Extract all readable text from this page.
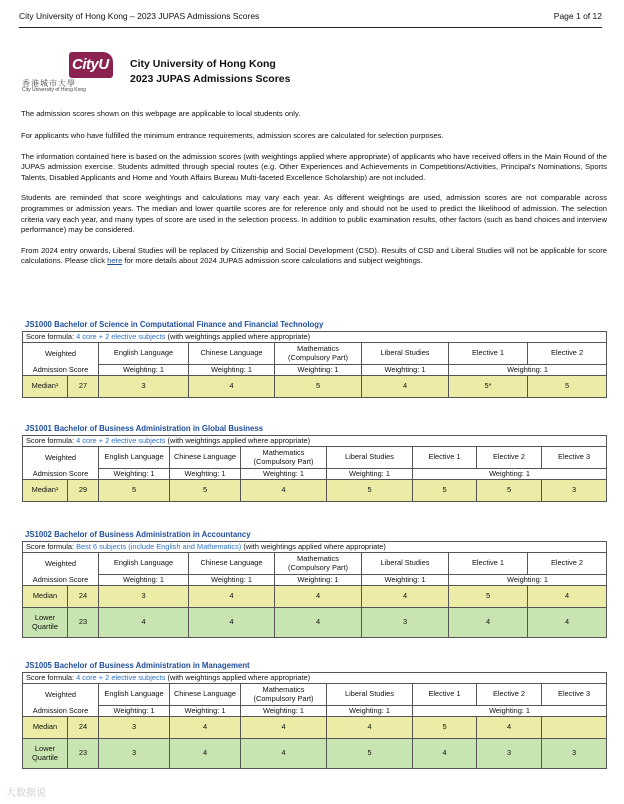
City University of Hong Kong – 2023 JUPAS Admissions Scores	Page 1 of 12
CityU
香港城市大學
City University of Hong Kong
City University of Hong Kong
2023 JUPAS Admissions Scores
The admission scores shown on this webpage are applicable to local students only.

For applicants who have fulfilled the minimum entrance requirements, admission scores are calculated for selection purposes.

The information contained here is based on the admission scores (with weightings applied where appropriate) of applicants who have received offers in the Main Round of the JUPAS admission exercise. Students admitted through special routes (e.g. Other Experiences and Achievements in Competitions/Activities, Principal's Nominations, Sports Talents, Disabled Applicants and Home and Youth Affairs Bureau Multi-faceted Excellence Scholarship) are not included.

Students are reminded that score weightings and calculations may vary each year. As different weightings are used, admission scores are not comparable across programmes or admission years. The median and lower quartile scores are for reference only and should not be used to predict the likelihood of admission. The selection criteria vary each year, and many types of score are used in the selection process. In addition to public examination results, other factors (such as band choices and interview performance) may be considered.

From 2024 entry onwards, Liberal Studies will be replaced by Citizenship and Social Development (CSD). Results of CSD and Liberal Studies will not be applicable for score calculations. Please click here for more details about 2024 JUPAS admission score calculations and subject weightings.

JS1000 Bachelor of Science in Computational Finance and Financial Technology
Score formula: 4 core + 2 elective subjects (with weightings applied where appropriate)							
Weighted		English Language	Chinese Language	Mathematics (Compulsory Part)	Liberal Studies	Elective 1	Elective 2
Admission Score		Weighting: 1	Weighting: 1	Weighting: 1	Weighting: 1	Weighting: 1	
Median¹	27	3	4	5	4	5*	5
JS1001 Bachelor of Business Administration in Global Business
Score formula: 4 core + 2 elective subjects (with weightings applied where appropriate)								
Weighted		English Language	Chinese Language	Mathematics (Compulsory Part)	Liberal Studies	Elective 1	Elective 2	Elective 3
Admission Score		Weighting: 1	Weighting: 1	Weighting: 1	Weighting: 1	Weighting: 1		
Median¹	29	5	5	4	5	5	5	3
JS1002 Bachelor of Business Administration in Accountancy
Score formula: Best 6 subjects (include English and Mathematics) (with weightings applied where appropriate)							
Weighted		English Language	Chinese Language	Mathematics (Compulsory Part)	Liberal Studies	Elective 1	Elective 2
Admission Score		Weighting: 1	Weighting: 1	Weighting: 1	Weighting: 1	Weighting: 1	
Median	24	3	4	4	4	5	4
Lower
Quartile	23	4	4	4	3	4	4
JS1005 Bachelor of Business Administration in Management
Score formula: 4 core + 2 elective subjects (with weightings applied where appropriate)								
Weighted		English Language	Chinese Language	Mathematics (Compulsory Part)	Liberal Studies	Elective 1	Elective 2	Elective 3
Admission Score		Weighting: 1	Weighting: 1	Weighting: 1	Weighting: 1	Weighting: 1		
Median	24	3	4	4	4	5	4	
Lower
Quartile	23	3	4	4	5	4	3	3
大数据说
